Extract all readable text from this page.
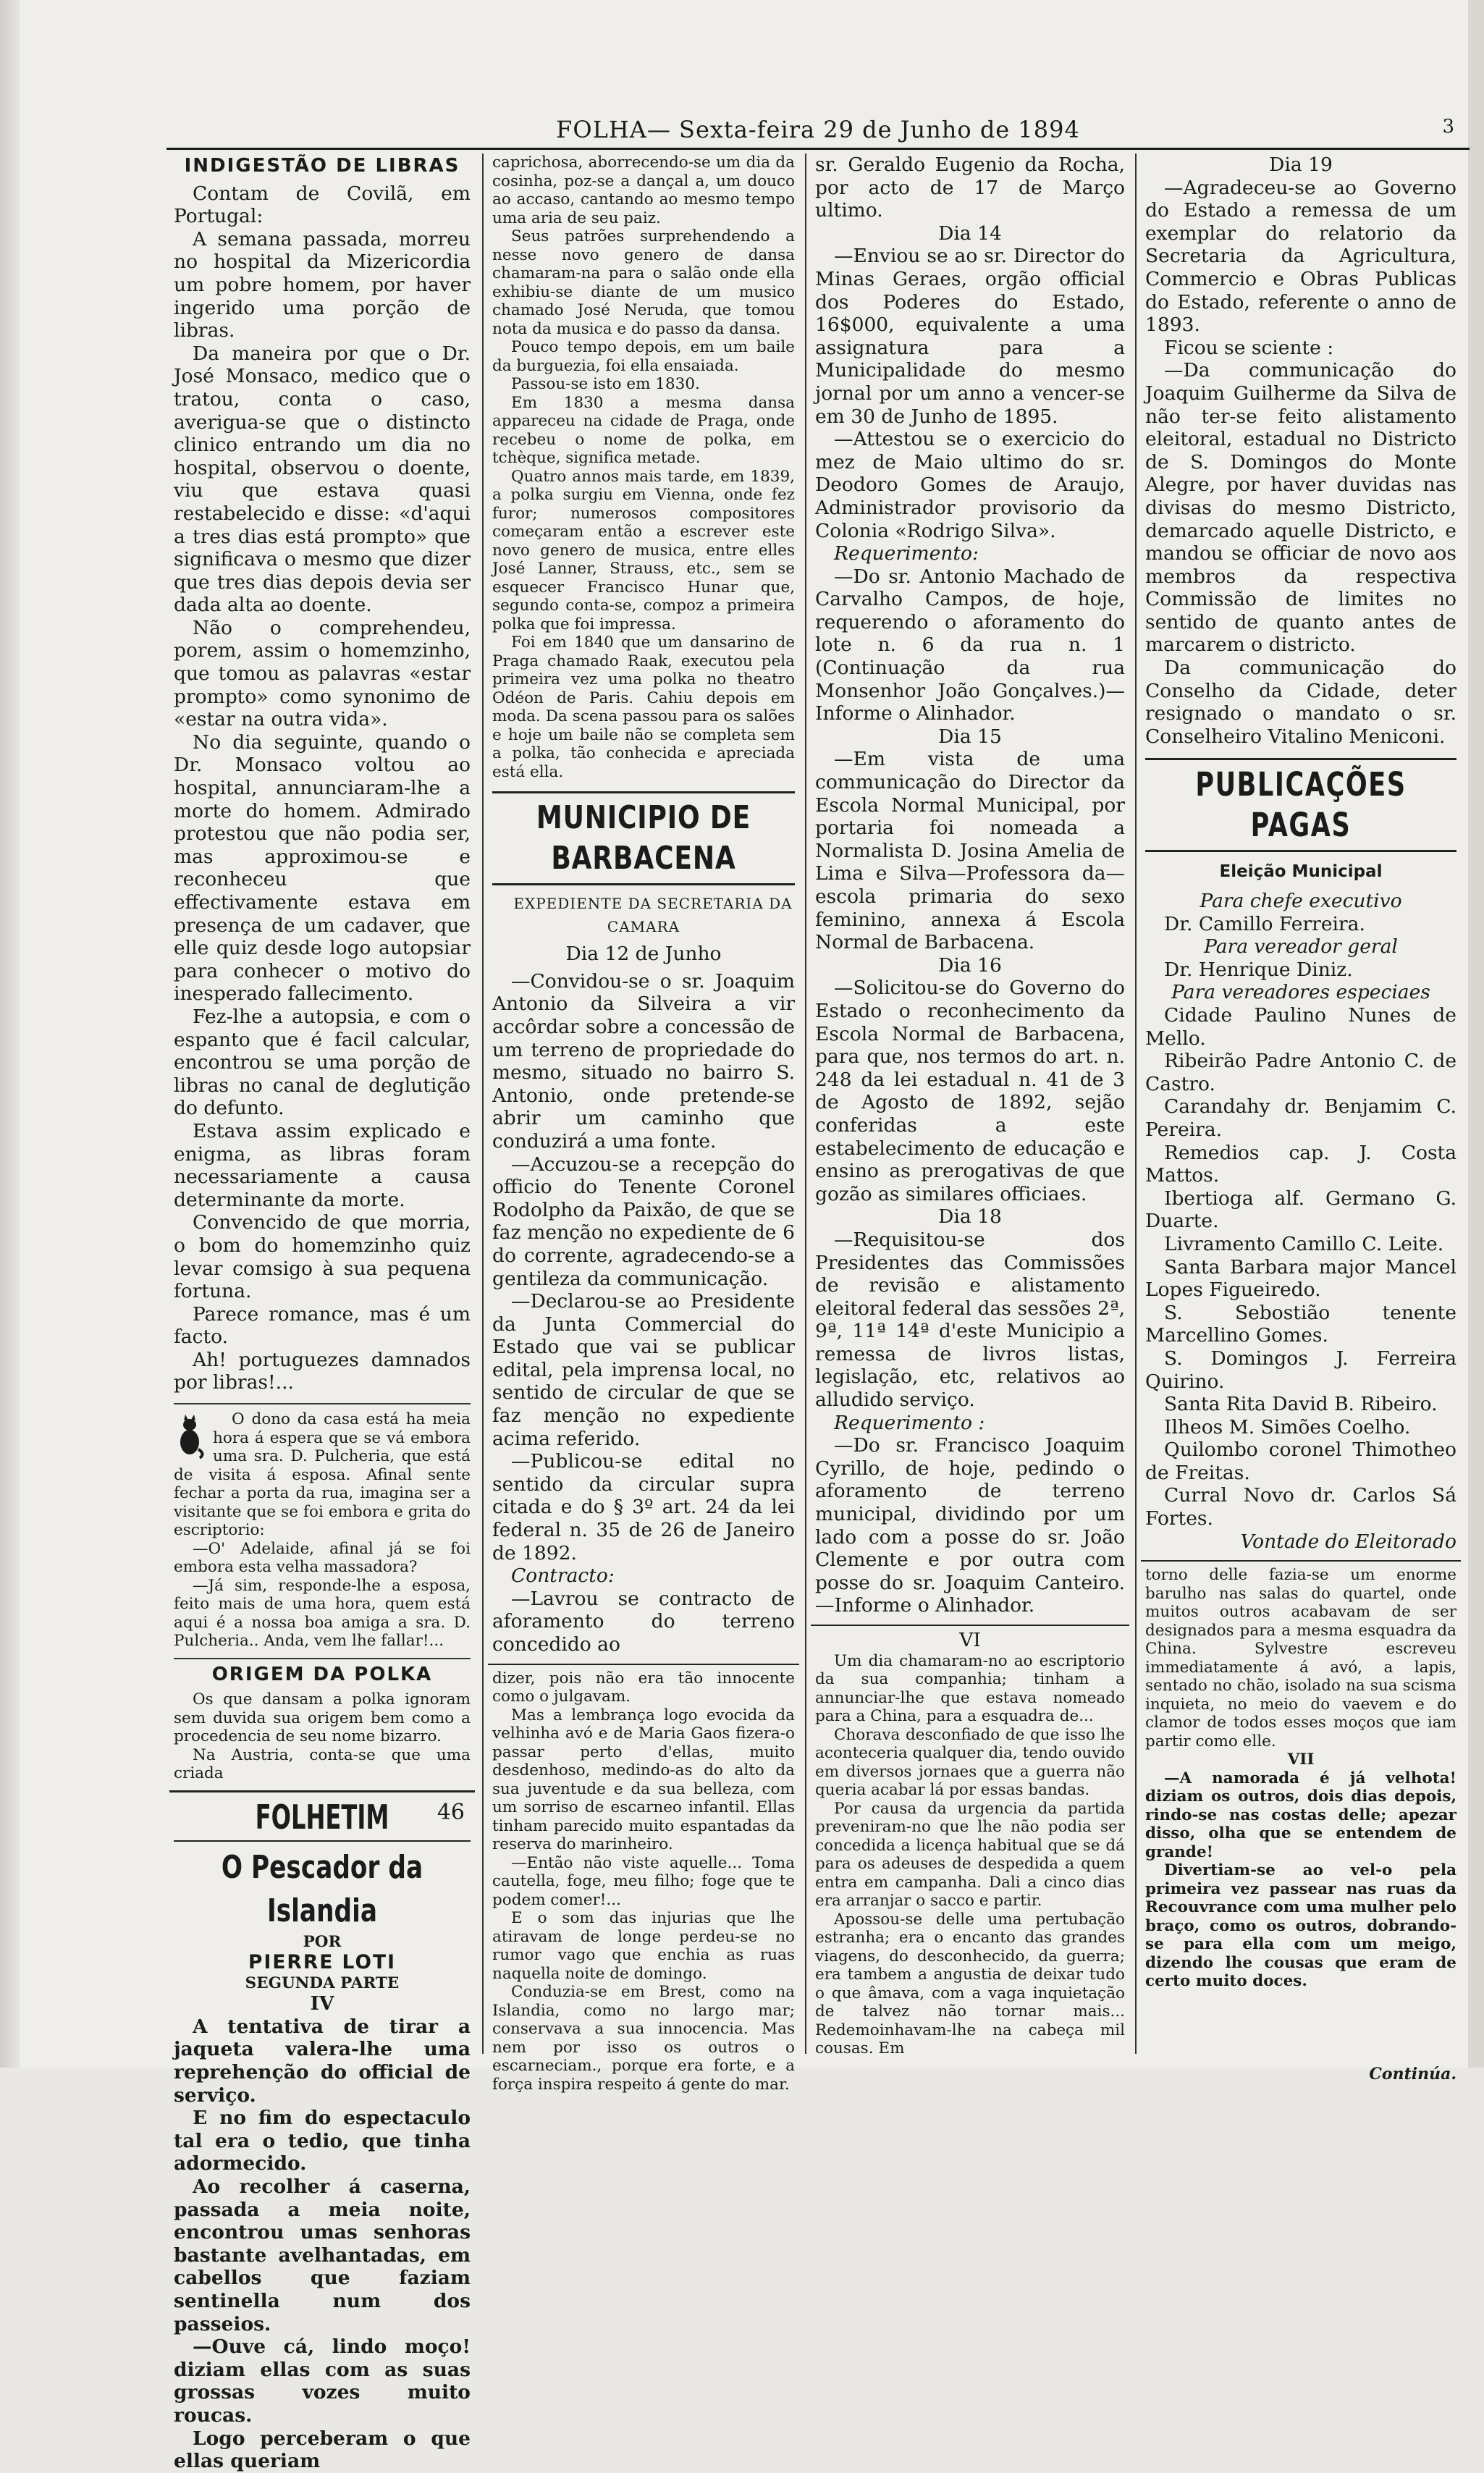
FOLHA— Sexta-feira 29 de Junho de 1894	3
INDIGESTÃO DE LIBRAS

Contam de Covilã, em Portugal:

A semana passada, morreu no hospital da Mizericordia um pobre homem, por haver ingerido uma porção de libras.

Da maneira por que o Dr. José Monsaco, medico que o tratou, conta o caso, averigua-se que o distincto clinico entrando um dia no hospital, observou o doente, viu que estava quasi restabelecido e disse: «d'aqui a tres dias está prompto» que significava o mesmo que dizer que tres dias depois devia ser dada alta ao doente.

Não o comprehendeu, porem, assim o homemzinho, que tomou as palavras «estar prompto» como synonimo de «estar na outra vida».

No dia seguinte, quando o Dr. Monsaco voltou ao hospital, annunciaram-lhe a morte do homem. Admirado protestou que não podia ser, mas approximou-se e reconheceu que effectivamente estava em presença de um cadaver, que elle quiz desde logo autopsiar para conhecer o motivo do inesperado fallecimento.

Fez-lhe a autopsia, e com o espanto que é facil calcular, encontrou se uma porção de libras no canal de deglutição do defunto.

Estava assim explicado e enigma, as libras foram necessariamente a causa determinante da morte.

Convencido de que morria, o bom do homemzinho quiz levar comsigo à sua pequena fortuna.

Parece romance, mas é um facto.

Ah! portuguezes damnados por libras!...

O dono da casa está ha meia hora á espera que se vá embora uma sra. D. Pulcheria, que está de visita á esposa. Afinal sente fechar a porta da rua, imagina ser a visitante que se foi embora e grita do escriptorio:

—O' Adelaide, afinal já se foi embora esta velha massadora?

—Já sim, responde-lhe a esposa, feito mais de uma hora, quem está aqui é a nossa boa amiga a sra. D. Pulcheria.. Anda, vem lhe fallar!...

ORIGEM DA POLKA

Os que dansam a polka ignoram sem duvida sua origem bem como a procedencia de seu nome bizarro.

Na Austria, conta-se que uma criada

FOLHETIM	46
O Pescador da Islandia

POR

PIERRE LOTI

SEGUNDA PARTE

IV

A tentativa de tirar a jaqueta valera-lhe uma reprehenção do official de serviço.

E no fim do espectaculo tal era o tedio, que tinha adormecido.

Ao recolher á caserna, passada a meia noite, encontrou umas senhoras bastante avelhantadas, em cabellos que faziam sentinella num dos passeios.

—Ouve cá, lindo moço! diziam ellas com as suas grossas vozes muito roucas.

Logo perceberam o que ellas queriam

caprichosa, aborrecendo-se um dia da cosinha, poz-se a dançal a, um douco ao accaso, cantando ao mesmo tempo uma aria de seu paiz.

Seus patrões surprehendendo a nesse novo genero de dansa chamaram-na para o salão onde ella exhibiu-se diante de um musico chamado José Neruda, que tomou nota da musica e do passo da dansa.

Pouco tempo depois, em um baile da burguezia, foi ella ensaiada.

Passou-se isto em 1830.

Em 1830 a mesma dansa appareceu na cidade de Praga, onde recebeu o nome de polka, em tchèque, significa metade.

Quatro annos mais tarde, em 1839, a polka surgiu em Vienna, onde fez furor; numerosos compositores começaram então a escrever este novo genero de musica, entre elles José Lanner, Strauss, etc., sem se esquecer Francisco Hunar que, segundo conta-se, compoz a primeira polka que foi impressa.

Foi em 1840 que um dansarino de Praga chamado Raak, executou pela primeira vez uma polka no theatro Odéon de Paris. Cahiu depois em moda. Da scena passou para os salões e hoje um baile não se completa sem a polka, tão conhecida e apreciada está ella.

MUNICIPIO DE BARBACENA

EXPEDIENTE DA SECRETARIA DA CAMARA

Dia 12 de Junho

—Convidou-se o sr. Joaquim Antonio da Silveira a vir accôrdar sobre a concessão de um terreno de propriedade do mesmo, situado no bairro S. Antonio, onde pretende-se abrir um caminho que conduzirá a uma fonte.

—Accuzou-se a recepção do officio do Tenente Coronel Rodolpho da Paixão, de que se faz menção no expediente de 6 do corrente, agradecendo-se a gentileza da communicação.

—Declarou-se ao Presidente da Junta Commercial do Estado que vai se publicar edital, pela imprensa local, no sentido de circular de que se faz menção no expediente acima referido.

—Publicou-se edital no sentido da circular supra citada e do § 3º art. 24 da lei federal n. 35 de 26 de Janeiro de 1892.

Contracto:

—Lavrou se contracto de aforamento do terreno concedido ao

dizer, pois não era tão innocente como o julgavam.

Mas a lembrança logo evocida da velhinha avó e de Maria Gaos fizera-o passar perto d'ellas, muito desdenhoso, medindo-as do alto da sua juventude e da sua belleza, com um sorriso de escarneo infantil. Ellas tinham parecido muito espantadas da reserva do marinheiro.

—Então não viste aquelle... Toma cautella, foge, meu filho; foge que te podem comer!...

E o som das injurias que lhe atiravam de longe perdeu-se no rumor vago que enchia as ruas naquella noite de domingo.

Conduzia-se em Brest, como na Islandia, como no largo mar; conservava a sua innocencia. Mas nem por isso os outros o escarneciam., porque era forte, e a força inspira respeito á gente do mar.

sr. Geraldo Eugenio da Rocha, por acto de 17 de Março ultimo.

Dia 14

—Enviou se ao sr. Director do Minas Geraes, orgão official dos Poderes do Estado, 16$000, equivalente a uma assignatura para a Municipalidade do mesmo jornal por um anno a vencer-se em 30 de Junho de 1895.

—Attestou se o exercicio do mez de Maio ultimo do sr. Deodoro Gomes de Araujo, Administrador provisorio da Colonia «Rodrigo Silva».

Requerimento:

—Do sr. Antonio Machado de Carvalho Campos, de hoje, requerendo o aforamento do lote n. 6 da rua n. 1 (Continuação da rua Monsenhor João Gonçalves.)—Informe o Alinhador.

Dia 15

—Em vista de uma communicação do Director da Escola Normal Municipal, por portaria foi nomeada a Normalista D. Josina Amelia de Lima e Silva—Professora da—escola primaria do sexo feminino, annexa á Escola Normal de Barbacena.

Dia 16

—Solicitou-se do Governo do Estado o reconhecimento da Escola Normal de Barbacena, para que, nos termos do art. n. 248 da lei estadual n. 41 de 3 de Agosto de 1892, sejão conferidas a este estabelecimento de educação e ensino as prerogativas de que gozão as similares officiaes.

Dia 18

—Requisitou-se dos Presidentes das Commissões de revisão e alistamento eleitoral federal das sessões 2ª, 9ª, 11ª 14ª d'este Municipio a remessa de livros listas, legislação, etc, relativos ao alludido serviço.

Requerimento :

—Do sr. Francisco Joaquim Cyrillo, de hoje, pedindo o aforamento de terreno municipal, dividindo por um lado com a posse do sr. João Clemente e por outra com posse do sr. Joaquim Canteiro.—Informe o Alinhador.

VI

Um dia chamaram-no ao escriptorio da sua companhia; tinham a annunciar-lhe que estava nomeado para a China, para a esquadra de...

Chorava desconfiado de que isso lhe aconteceria qualquer dia, tendo ouvido em diversos jornaes que a guerra não queria acabar lá por essas bandas.

Por causa da urgencia da partida preveniram-no que lhe não podia ser concedida a licença habitual que se dá para os adeuses de despedida a quem entra em campanha. Dali a cinco dias era arranjar o sacco e partir.

Apossou-se delle uma pertubação estranha; era o encanto das grandes viagens, do desconhecido, da guerra; era tambem a angustia de deixar tudo o que âmava, com a vaga inquietação de talvez não tornar mais... Redemoinhavam-lhe na cabeça mil cousas. Em

Dia 19

—Agradeceu-se ao Governo do Estado a remessa de um exemplar do relatorio da Secretaria da Agricultura, Commercio e Obras Publicas do Estado, referente o anno de 1893.

Ficou se sciente :

—Da communicação do Joaquim Guilherme da Silva de não ter-se feito alistamento eleitoral, estadual no Districto de S. Domingos do Monte Alegre, por haver duvidas nas divisas do mesmo Districto, demarcado aquelle Districto, e mandou se officiar de novo aos membros da respectiva Commissão de limites no sentido de quanto antes de marcarem o districto.

Da communicação do Conselho da Cidade, deter resignado o mandato o sr. Conselheiro Vitalino Meniconi.

PUBLICAÇÕES PAGAS

Eleição Municipal

Para chefe executivo

Dr. Camillo Ferreira.

Para vereador geral

Dr. Henrique Diniz.

Para vereadores especiaes

Cidade Paulino Nunes de Mello.

Ribeirão Padre Antonio C. de Castro.

Carandahy dr. Benjamim C. Pereira.

Remedios cap. J. Costa Mattos.

Ibertioga alf. Germano G. Duarte.

Livramento Camillo C. Leite.

Santa Barbara major Mancel Lopes Figueiredo.

S. Sebostião tenente Marcellino Gomes.

S. Domingos J. Ferreira Quirino.

Santa Rita David B. Ribeiro.

Ilheos M. Simões Coelho.

Quilombo coronel Thimotheo de Freitas.

Curral Novo dr. Carlos Sá Fortes.

Vontade do Eleitorado

torno delle fazia-se um enorme barulho nas salas do quartel, onde muitos outros acabavam de ser designados para a mesma esquadra da China. Sylvestre escreveu immediatamente á avó, a lapis, sentado no chão, isolado na sua scisma inquieta, no meio do vaevem e do clamor de todos esses moços que iam partir como elle.

VII

—A namorada é já velhota! diziam os outros, dois dias depois, rindo-se nas costas delle; apezar disso, olha que se entendem de grande!

Divertiam-se ao vel-o pela primeira vez passear nas ruas da Recouvrance com uma mulher pelo braço, como os outros, dobrando-se para ella com um meigo, dizendo lhe cousas que eram de certo muito doces.

Continúa.
